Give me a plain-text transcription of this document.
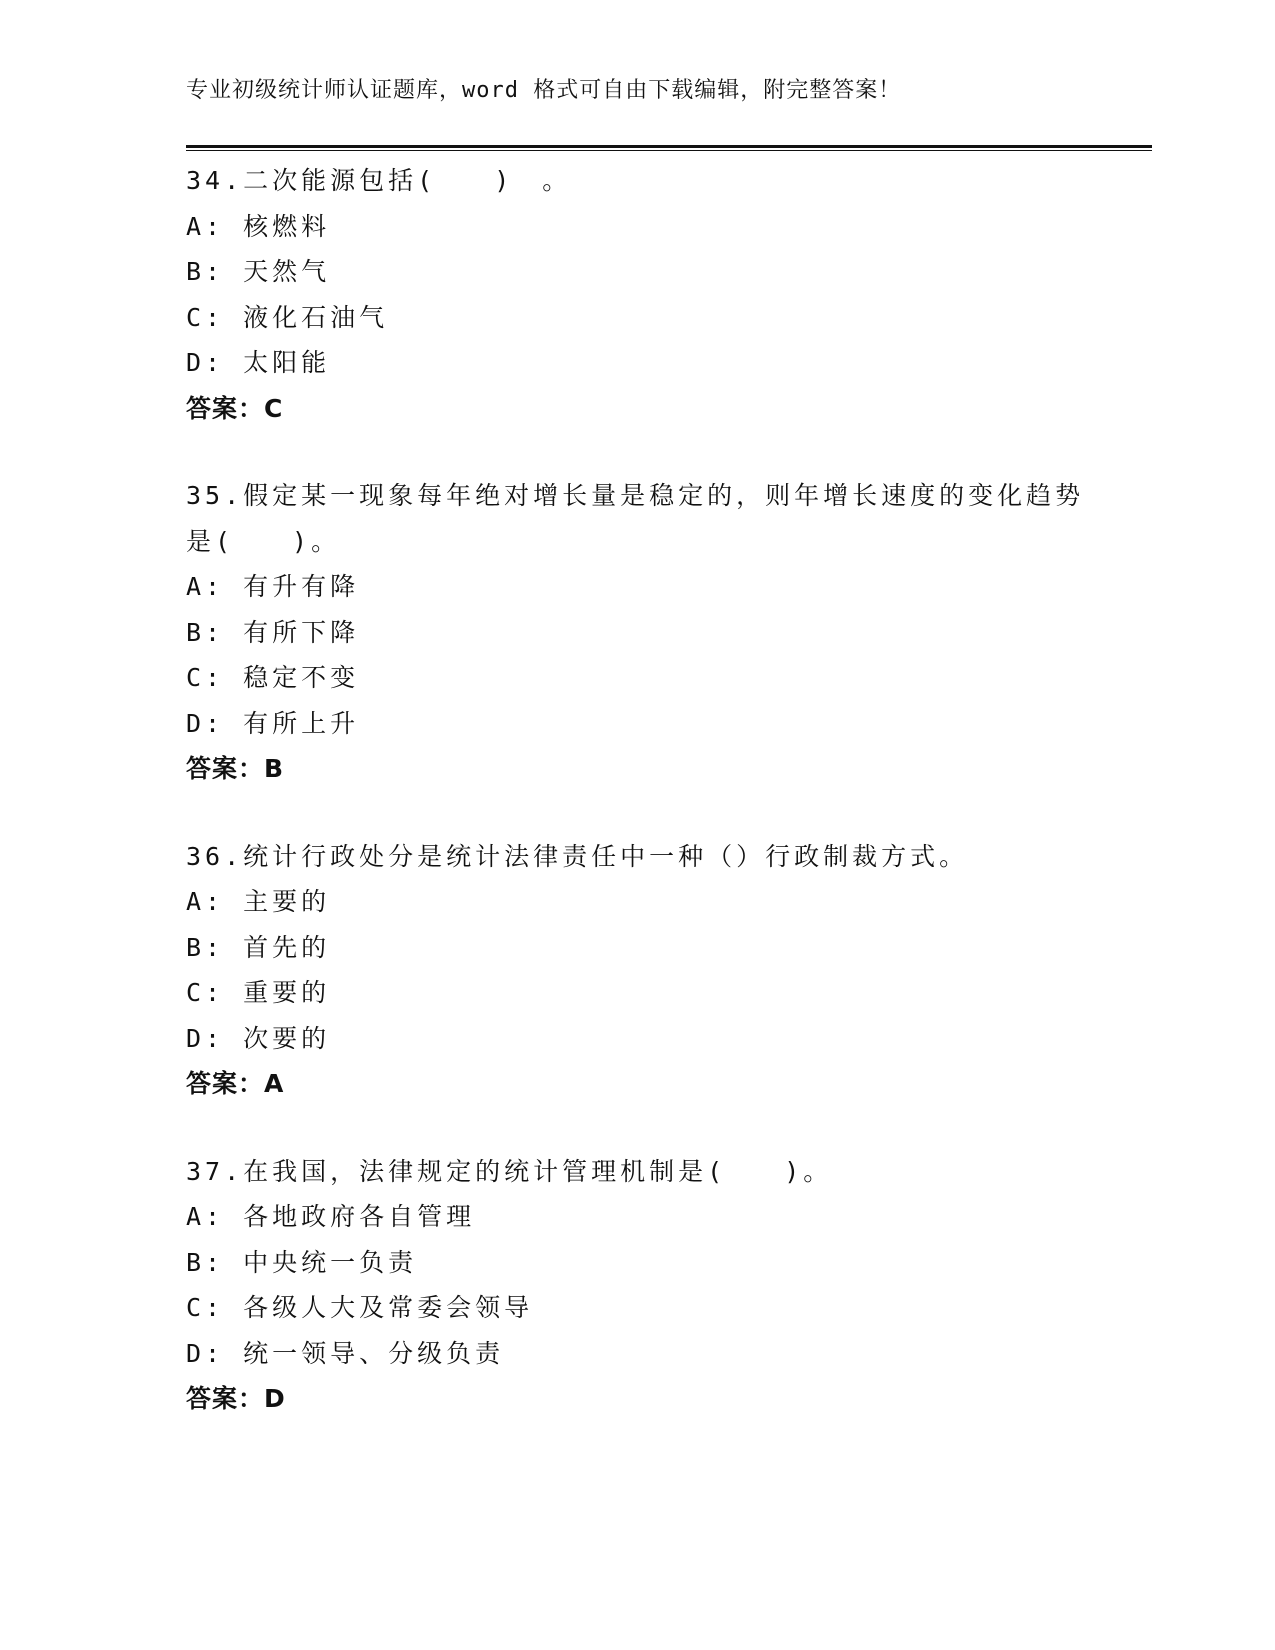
专业初级统计师认证题库，word 格式可自由下载编辑，附完整答案！
34.二次能源包括(　　)　。
A: 核燃料
B: 天然气
C: 液化石油气
D: 太阳能
答案：C
35.假定某一现象每年绝对增长量是稳定的，则年增长速度的变化趋势是(　　)。
A: 有升有降
B: 有所下降
C: 稳定不变
D: 有所上升
答案：B
36.统计行政处分是统计法律责任中一种（）行政制裁方式。
A: 主要的
B: 首先的
C: 重要的
D: 次要的
答案：A
37.在我国，法律规定的统计管理机制是(　　)。
A: 各地政府各自管理
B: 中央统一负责
C: 各级人大及常委会领导
D: 统一领导、分级负责
答案：D
